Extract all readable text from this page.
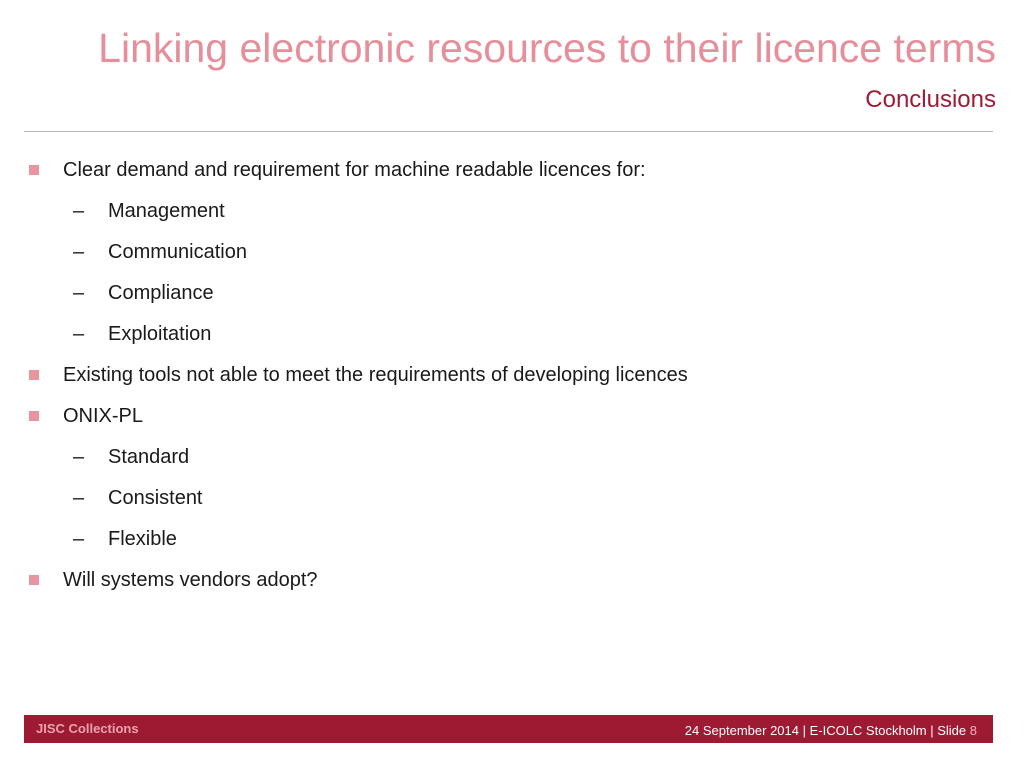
Linking electronic resources to their licence terms
Conclusions
Clear demand and requirement for machine readable licences for:
– Management
– Communication
– Compliance
– Exploitation
Existing tools not able to meet the requirements of developing licences
ONIX-PL
– Standard
– Consistent
– Flexible
Will systems vendors adopt?
JISC Collections	24 September 2014 | E-ICOLC Stockholm | Slide 8
